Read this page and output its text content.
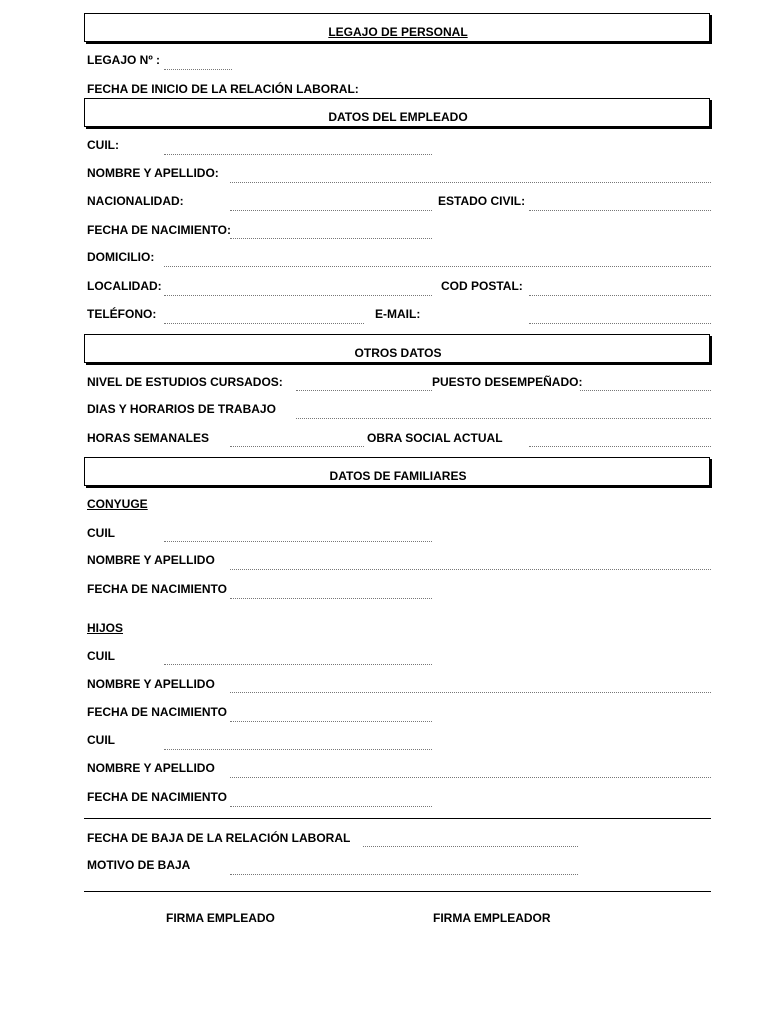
LEGAJO DE PERSONAL
LEGAJO Nº :
FECHA DE INICIO DE LA RELACIÓN LABORAL:
DATOS DEL EMPLEADO
CUIL:
NOMBRE Y APELLIDO:
NACIONALIDAD:	ESTADO CIVIL:
FECHA DE NACIMIENTO:
DOMICILIO:
LOCALIDAD:	COD POSTAL:
TELÉFONO:	E-MAIL:
OTROS DATOS
NIVEL DE ESTUDIOS CURSADOS:	PUESTO DESEMPEÑADO:
DIAS Y HORARIOS DE TRABAJO
HORAS SEMANALES	OBRA SOCIAL ACTUAL
DATOS DE FAMILIARES
CONYUGE
CUIL
NOMBRE Y APELLIDO
FECHA DE NACIMIENTO
HIJOS
CUIL
NOMBRE Y APELLIDO
FECHA DE NACIMIENTO
CUIL
NOMBRE Y APELLIDO
FECHA DE NACIMIENTO
FECHA DE BAJA DE LA RELACIÓN LABORAL
MOTIVO DE BAJA
FIRMA EMPLEADO	FIRMA EMPLEADOR
